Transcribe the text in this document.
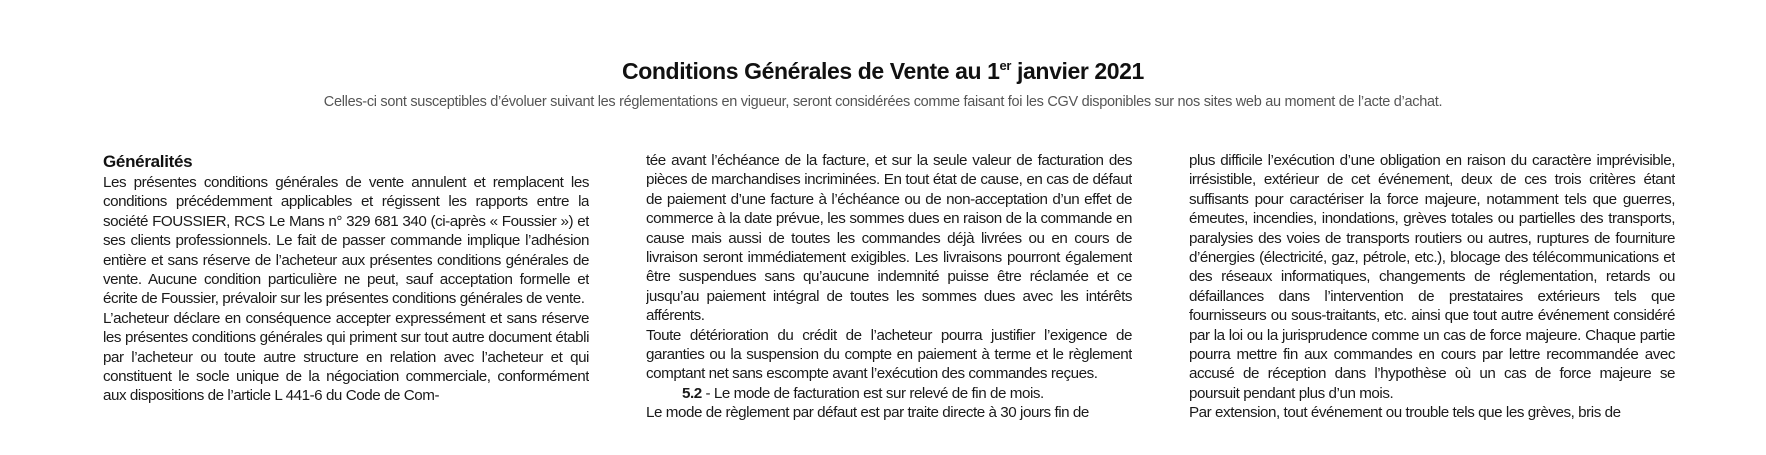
Conditions Générales de Vente au 1er janvier 2021
Celles-ci sont susceptibles d’évoluer suivant les réglementations en vigueur, seront considérées comme faisant foi les CGV disponibles sur nos sites web au moment de l’acte d’achat.
Généralités

Les présentes conditions générales de vente annulent et remplacent les conditions précédemment applicables et régissent les rapports entre la société FOUSSIER, RCS Le Mans n° 329 681 340 (ci-après « Foussier ») et ses clients professionnels. Le fait de passer commande implique l’adhésion entière et sans réserve de l’acheteur aux présentes conditions générales de vente. Aucune condition particulière ne peut, sauf acceptation formelle et écrite de Foussier, prévaloir sur les présentes conditions générales de vente.

L’acheteur déclare en conséquence accepter expressément et sans réserve les présentes conditions générales qui priment sur tout autre document établi par l’acheteur ou toute autre structure en relation avec l’acheteur et qui constituent le socle unique de la négociation commerciale, conformément aux dispositions de l’article L 441-6 du Code de Com-

tée avant l’échéance de la facture, et sur la seule valeur de facturation des pièces de marchandises incriminées. En tout état de cause, en cas de défaut de paiement d’une facture à l’échéance ou de non-acceptation d’un effet de commerce à la date prévue, les sommes dues en raison de la commande en cause mais aussi de toutes les commandes déjà livrées ou en cours de livraison seront immédiatement exigibles. Les livraisons pourront également être suspendues sans qu’aucune indemnité puisse être réclamée et ce jusqu’au paiement intégral de toutes les sommes dues avec les intérêts afférents.

Toute détérioration du crédit de l’acheteur pourra justifier l’exigence de garanties ou la suspension du compte en paiement à terme et le règlement comptant net sans escompte avant l’exécution des commandes reçues.

5.2 - Le mode de facturation est sur relevé de fin de mois.

Le mode de règlement par défaut est par traite directe à 30 jours fin de

plus difficile l’exécution d’une obligation en raison du caractère imprévisible, irrésistible, extérieur de cet événement, deux de ces trois critères étant suffisants pour caractériser la force majeure, notamment tels que guerres, émeutes, incendies, inondations, grèves totales ou partielles des transports, paralysies des voies de transports routiers ou autres, ruptures de fourniture d’énergies (électricité, gaz, pétrole, etc.), blocage des télécommunications et des réseaux informatiques, changements de réglementation, retards ou défaillances dans l’intervention de prestataires extérieurs tels que fournisseurs ou sous-traitants, etc. ainsi que tout autre événement considéré par la loi ou la jurisprudence comme un cas de force majeure. Chaque partie pourra mettre fin aux commandes en cours par lettre recommandée avec accusé de réception dans l’hypothèse où un cas de force majeure se poursuit pendant plus d’un mois.

Par extension, tout événement ou trouble tels que les grèves, bris de
